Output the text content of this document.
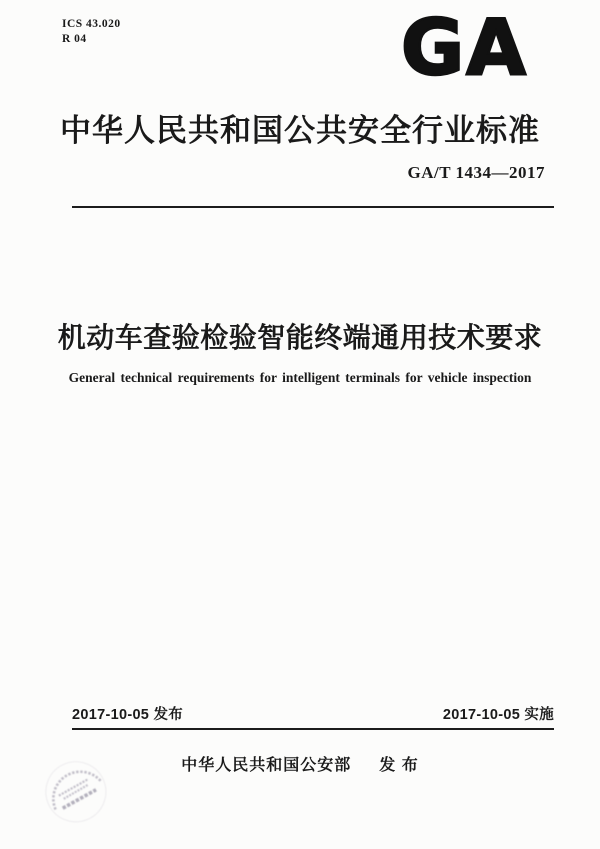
ICS 43.020
R 04	GA
中华人民共和国公共安全行业标准
GA/T 1434—2017
机动车查验检验智能终端通用技术要求
General technical requirements for intelligent terminals for vehicle inspection
2017-10-05 发布	2017-10-05 实施
中华人民共和国公安部 发 布
